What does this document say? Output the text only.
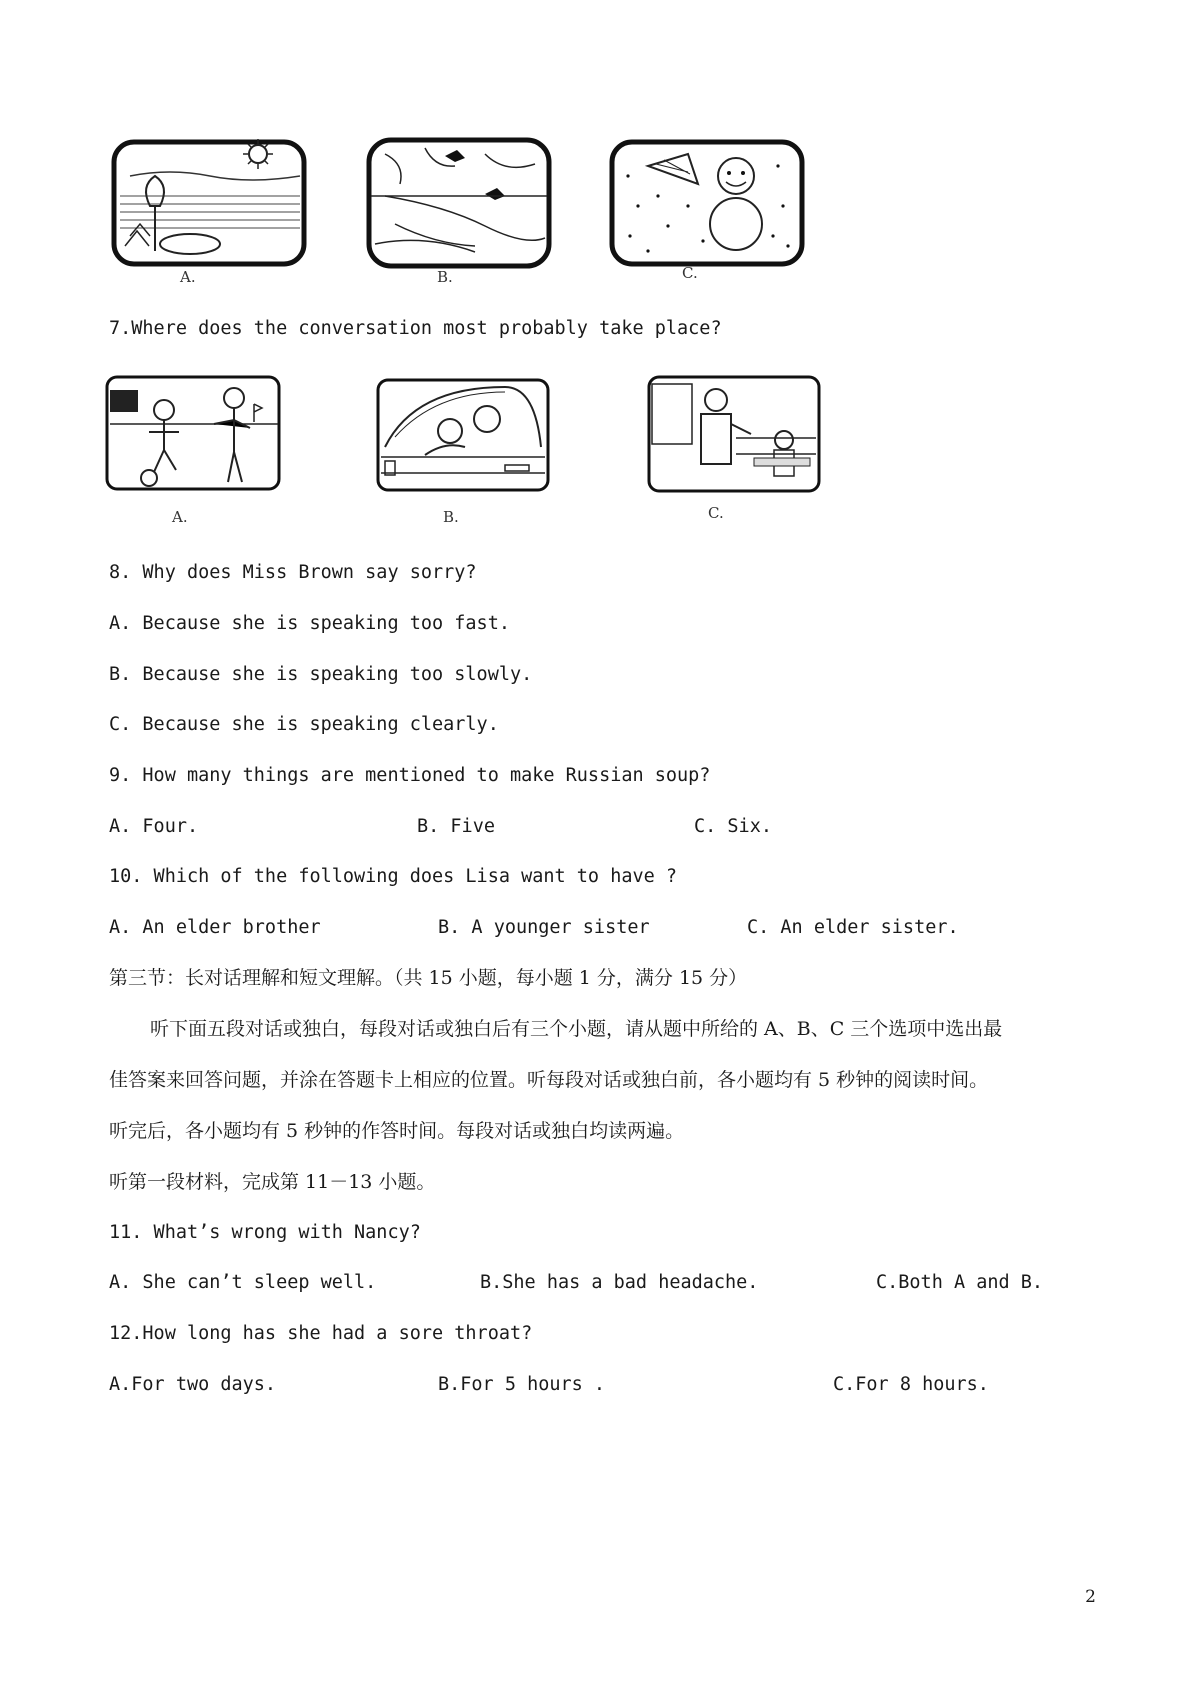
A.	B.	C.
7.Where does the conversation most probably take place?
A.	B.	C.
8. Why does Miss Brown say sorry?
A. Because she is speaking too fast.
B. Because she is speaking too slowly.
C. Because she is speaking clearly.
9. How many things are mentioned to make Russian soup?
A. Four.	B. Five	C. Six.
10. Which of the following does Lisa want to have ?
A. An elder brother	B. A younger sister	C. An elder sister.
第三节：长对话理解和短文理解。（共 15 小题，每小题 1 分，满分 15 分）
听下面五段对话或独白，每段对话或独白后有三个小题，请从题中所给的 A、B、C 三个选项中选出最
佳答案来回答问题，并涂在答题卡上相应的位置。听每段对话或独白前，各小题均有 5 秒钟的阅读时间。
听完后，各小题均有 5 秒钟的作答时间。每段对话或独白均读两遍。
听第一段材料，完成第 11－13 小题。
11. What’s wrong with Nancy?
A. She can’t sleep well.	B.She has a bad headache.	C.Both A and B.
12.How long has she had a sore throat?
A.For two days.	B.For 5 hours .	C.For 8 hours.
2
